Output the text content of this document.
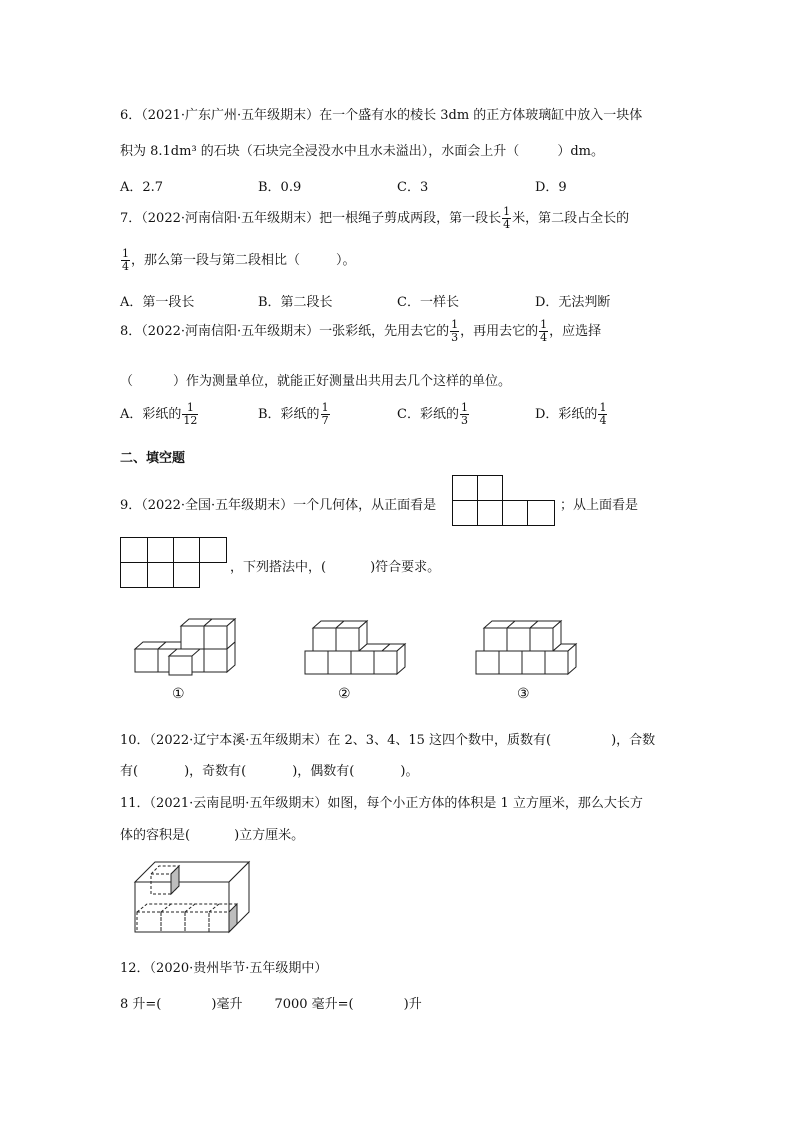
6．（2021·广东广州·五年级期末）在一个盛有水的棱长 3dm 的正方体玻璃缸中放入一块体
积为 8.1dm³ 的石块（石块完全浸没水中且水未溢出），水面会上升（	）dm。
A．2.7	B．0.9	C．3	D．9
7．（2022·河南信阳·五年级期末）把一根绳子剪成两段，第一段长 $\frac{1}{4}$ 米，第二段占全长的
$\frac{1}{4}$ ，那么第一段与第二段相比（	）。
A．第一段长	B．第二段长	C．一样长	D．无法判断
8．（2022·河南信阳·五年级期末）一张彩纸，先用去它的 $\frac{1}{3}$ ，再用去它的 $\frac{1}{4}$ ，应选择
（	）作为测量单位，就能正好测量出共用去几个这样的单位。
A．彩纸的 $\frac{1}{12}$	B．彩纸的 $\frac{1}{7}$	C．彩纸的 $\frac{1}{3}$	D．彩纸的 $\frac{1}{4}$
二、填空题
9．（2022·全国·五年级期末）一个几何体，从正面看是	；从上面看是
，下列搭法中，(	)符合要求。
①	②	③
10．（2022·辽宁本溪·五年级期末）在 2、3、4、15 这四个数中，质数有(	)，合数
有(	)，奇数有(	)，偶数有(	)。
11．（2021·云南昆明·五年级期末）如图，每个小正方体的体积是 1 立方厘米，那么大长方
体的容积是(	)立方厘米。
12．（2020·贵州毕节·五年级期中）
8 升=(	)毫升 7000 毫升=(	)升
